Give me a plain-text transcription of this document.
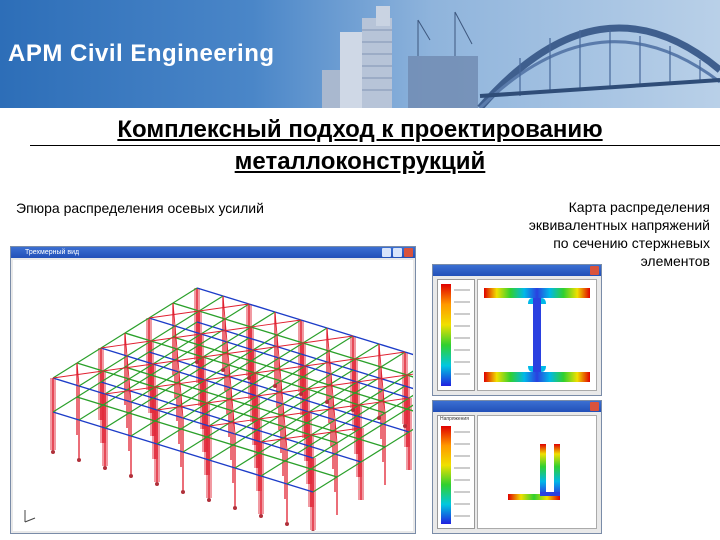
APM Civil Engineering
Комплексный подход к проектированию
металлоконструкций
Эпюра распределения осевых усилий	Карта распределения
эквивалентных напряжений
по сечению стержневых
элементов
Трехмерный вид
Напряжения
